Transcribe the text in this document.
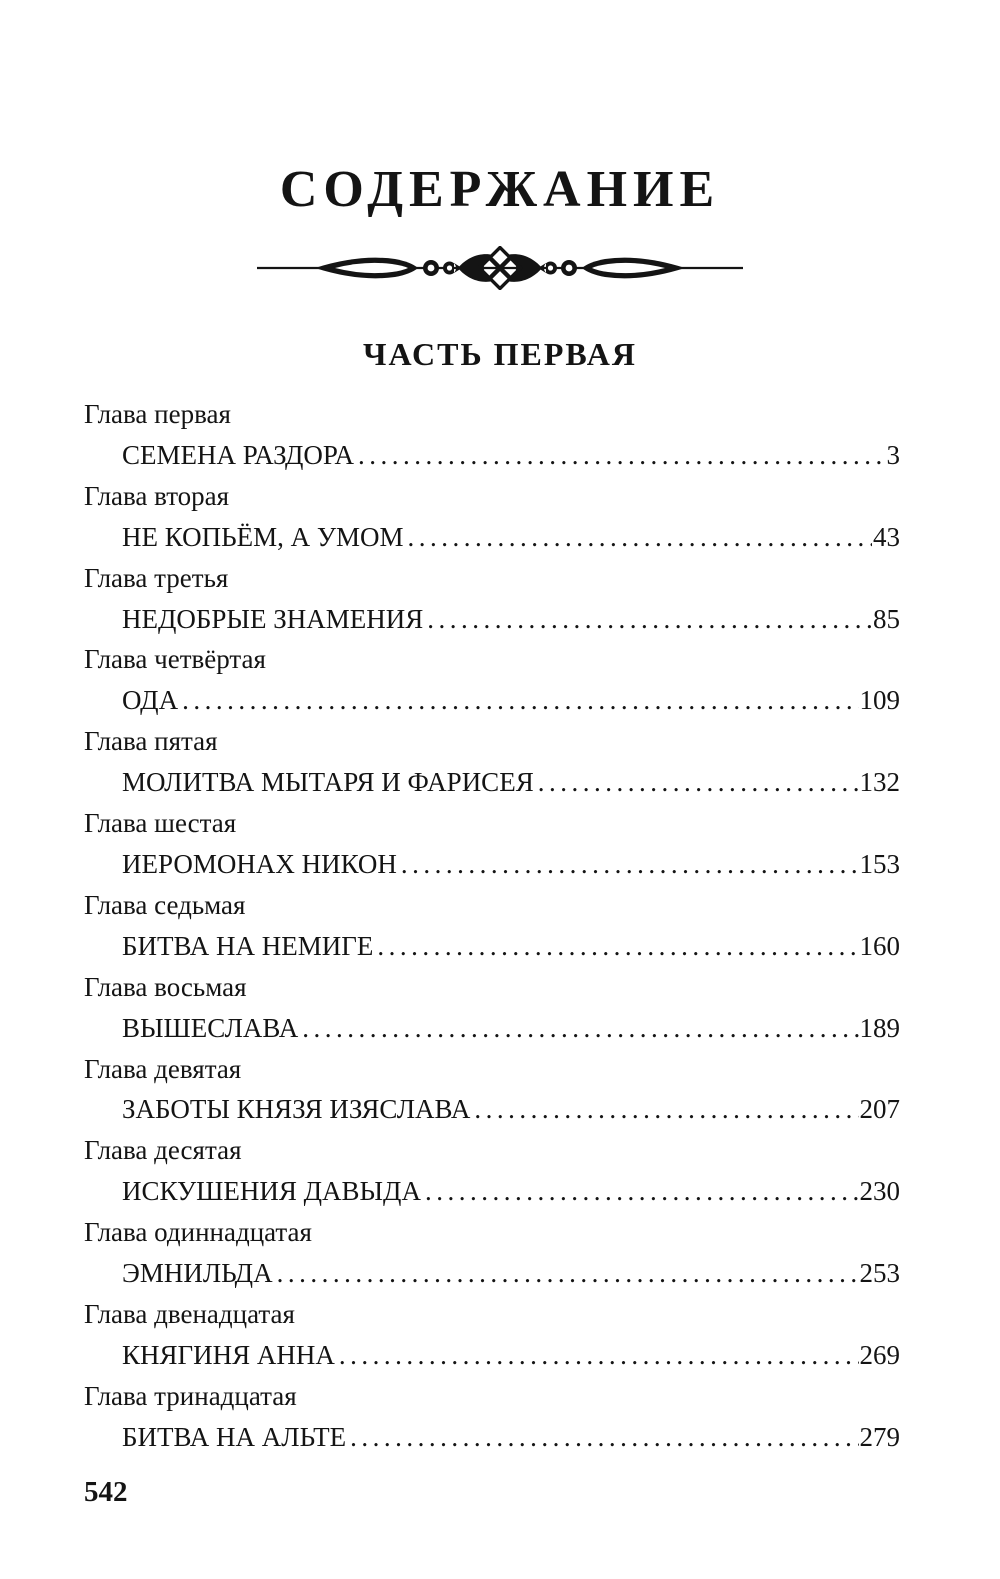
СОДЕРЖАНИЕ
ЧАСТЬ ПЕРВАЯ
Глава первая
СЕМЕНА РАЗДОРА .....	3
Глава вторая
НЕ КОПЬЁМ, А УМОМ .....	43
Глава третья
НЕДОБРЫЕ ЗНАМЕНИЯ .....	85
Глава четвёртая
ОДА .....	109
Глава пятая
МОЛИТВА МЫТАРЯ И ФАРИСЕЯ .....	132
Глава шестая
ИЕРОМОНАХ НИКОН .....	153
Глава седьмая
БИТВА НА НЕМИГЕ .....	160
Глава восьмая
ВЫШЕСЛАВА .....	189
Глава девятая
ЗАБОТЫ КНЯЗЯ ИЗЯСЛАВА .....	207
Глава десятая
ИСКУШЕНИЯ ДАВЫДА .....	230
Глава одиннадцатая
ЭМНИЛЬДА .....	253
Глава двенадцатая
КНЯГИНЯ АННА .....	269
Глава тринадцатая
БИТВА НА АЛЬТЕ .....	279
542
